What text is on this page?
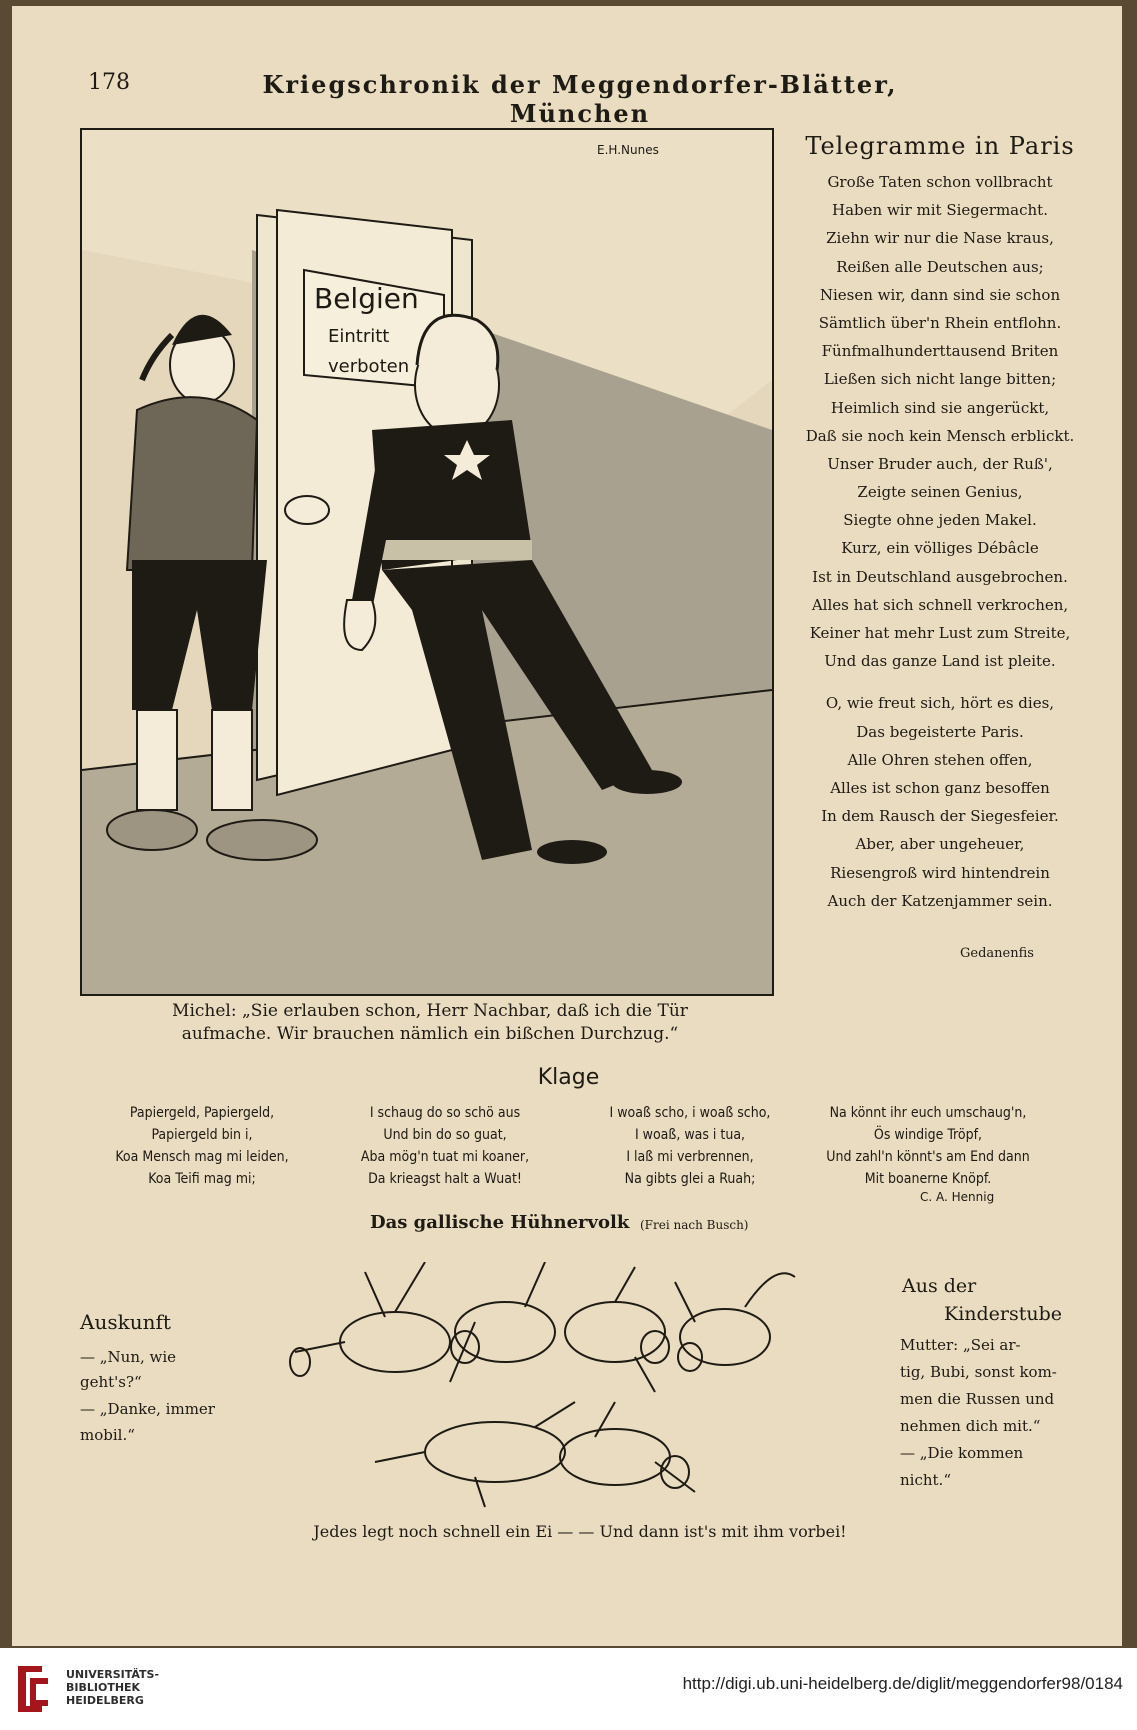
178	Kriegschronik der Meggendorfer-Blätter, München
Belgien
Eintritt
verboten
E.H.Nunes
Michel: „Sie erlauben schon, Herr Nachbar, daß ich die Tür
aufmache. Wir brauchen nämlich ein bißchen Durchzug.“
Telegramme in Paris
Große Taten schon vollbracht
Haben wir mit Siegermacht.
Ziehn wir nur die Nase kraus,
Reißen alle Deutschen aus;
Niesen wir, dann sind sie schon
Sämtlich über'n Rhein entflohn.
Fünfmalhunderttausend Briten
Ließen sich nicht lange bitten;
Heimlich sind sie angerückt,
Daß sie noch kein Mensch erblickt.
Unser Bruder auch, der Ruß',
Zeigte seinen Genius,
Siegte ohne jeden Makel.
Kurz, ein völliges Débâcle
Ist in Deutschland ausgebrochen.
Alles hat sich schnell verkrochen,
Keiner hat mehr Lust zum Streite,
Und das ganze Land ist pleite.
O, wie freut sich, hört es dies,
Das begeisterte Paris.
Alle Ohren stehen offen,
Alles ist schon ganz besoffen
In dem Rausch der Siegesfeier.
Aber, aber ungeheuer,
Riesengroß wird hintendrein
Auch der Katzenjammer sein.
Gedanenfis
Klage
Papiergeld, Papiergeld,
Papiergeld bin i,
Koa Mensch mag mi leiden,
Koa Teifi mag mi;
I schaug do so schö aus
Und bin do so guat,
Aba mög'n tuat mi koaner,
Da krieagst halt a Wuat!
I woaß scho, i woaß scho,
I woaß, was i tua,
I laß mi verbrennen,
Na gibts glei a Ruah;
Na könnt ihr euch umschaug'n,
Ös windige Tröpf,
Und zahl'n könnt's am End dann
Mit boanerne Knöpf.
C. A. Hennig
Das gallische Hühnervolk (Frei nach Busch)
Jedes legt noch schnell ein Ei — — Und dann ist's mit ihm vorbei!
Auskunft
— „Nun, wie
geht's?“
— „Danke, immer
mobil.“
Aus der
Kinderstube
Mutter: „Sei ar-
tig, Bubi, sonst kom-
men die Russen und
nehmen dich mit.“
— „Die kommen
nicht.“
UNIVERSITÄTS-
BIBLIOTHEK
HEIDELBERG
http://digi.ub.uni-heidelberg.de/diglit/meggendorfer98/0184
